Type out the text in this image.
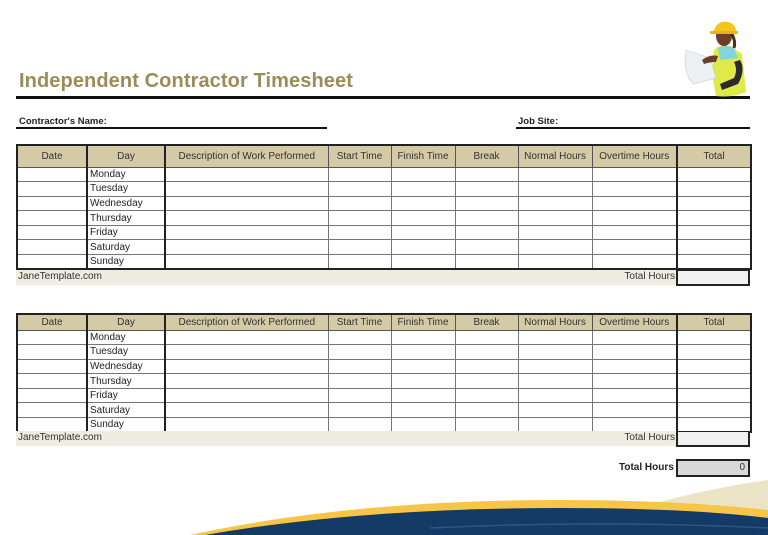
Independent Contractor Timesheet
Contractor's Name:	Job Site:
Date	Day	Description of Work Performed	Start Time	Finish Time	Break	Normal Hours	Overtime Hours	Total
	Monday							
	Tuesday							
	Wednesday							
	Thursday							
	Friday							
	Saturday							
	Sunday							
JaneTemplate.com	Total Hours
Date	Day	Description of Work Performed	Start Time	Finish Time	Break	Normal Hours	Overtime Hours	Total
	Monday							
	Tuesday							
	Wednesday							
	Thursday							
	Friday							
	Saturday							
	Sunday							
JaneTemplate.com	Total Hours
Total Hours	0
